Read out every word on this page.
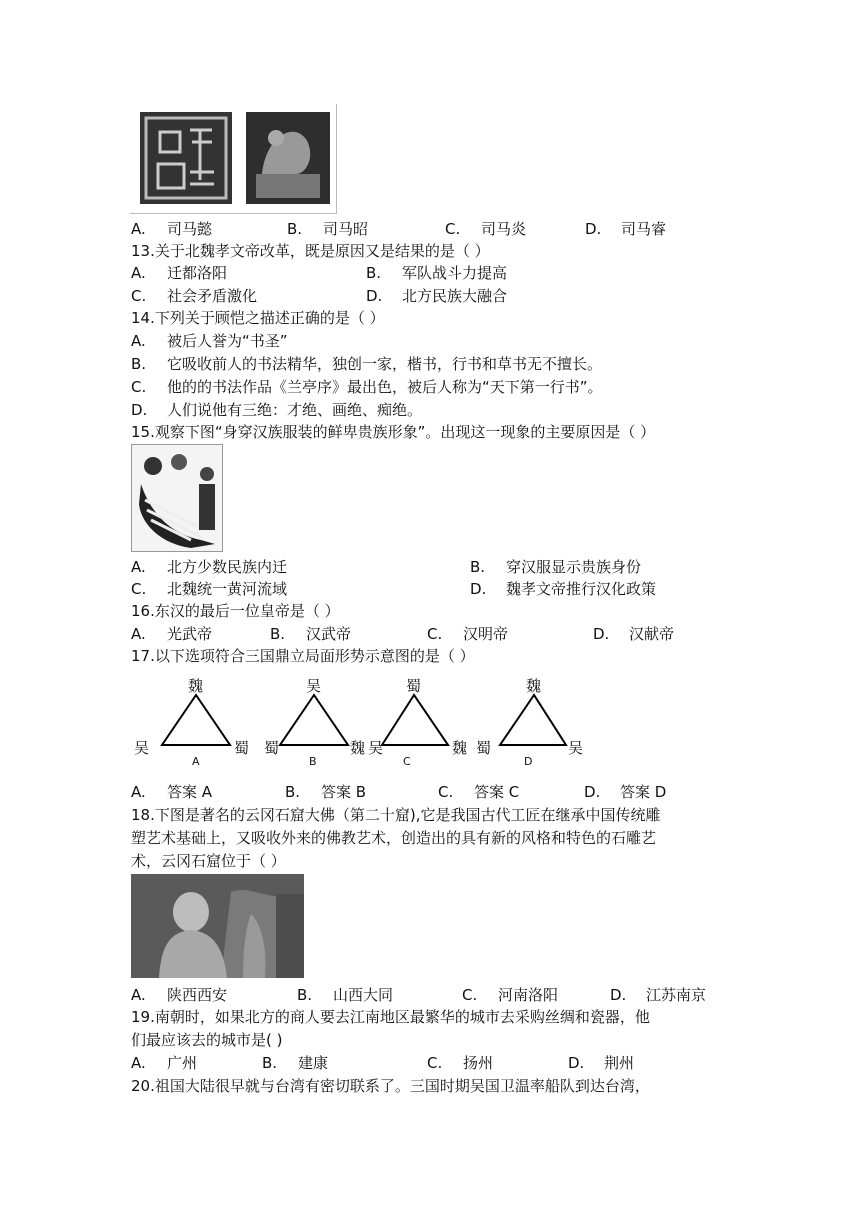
A. 司马懿	B. 司马昭	C. 司马炎	D. 司马睿
13.关于北魏孝文帝改革，既是原因又是结果的是（ ）
A. 迁都洛阳	B. 军队战斗力提高
C. 社会矛盾激化	D. 北方民族大融合
14.下列关于顾恺之描述正确的是（ ）
A. 被后人誉为“书圣”
B. 它吸收前人的书法精华，独创一家，楷书，行书和草书无不擅长。
C. 他的的书法作品《兰亭序》最出色，被后人称为“天下第一行书”。
D. 人们说他有三绝：才绝、画绝、痴绝。
15.观察下图“身穿汉族服装的鲜卑贵族形象”。出现这一现象的主要原因是（ ）
A. 北方少数民族内迁	B. 穿汉服显示贵族身份
C. 北魏统一黄河流域	D. 魏孝文帝推行汉化政策
16.东汉的最后一位皇帝是（ ）
A. 光武帝	B. 汉武帝	C. 汉明帝	D. 汉献帝
17.以下选项符合三国鼎立局面形势示意图的是（ ）
魏
吴	蜀
A
吴
蜀	魏
B
蜀
吴	魏
C
魏
蜀	吴
D
A. 答案 A	B. 答案 B	C. 答案 C	D. 答案 D
18.下图是著名的云冈石窟大佛（第二十窟),它是我国古代工匠在继承中国传统雕
塑艺术基础上，又吸收外来的佛教艺术，创造出的具有新的风格和特色的石雕艺
术，云冈石窟位于（ ）
A. 陕西西安	B. 山西大同	C. 河南洛阳	D. 江苏南京
19.南朝时，如果北方的商人要去江南地区最繁华的城市去采购丝绸和瓷器，他
们最应该去的城市是( )
A. 广州	B. 建康	C. 扬州	D. 荆州
20.祖国大陆很早就与台湾有密切联系了。三国时期吴国卫温率船队到达台湾，
